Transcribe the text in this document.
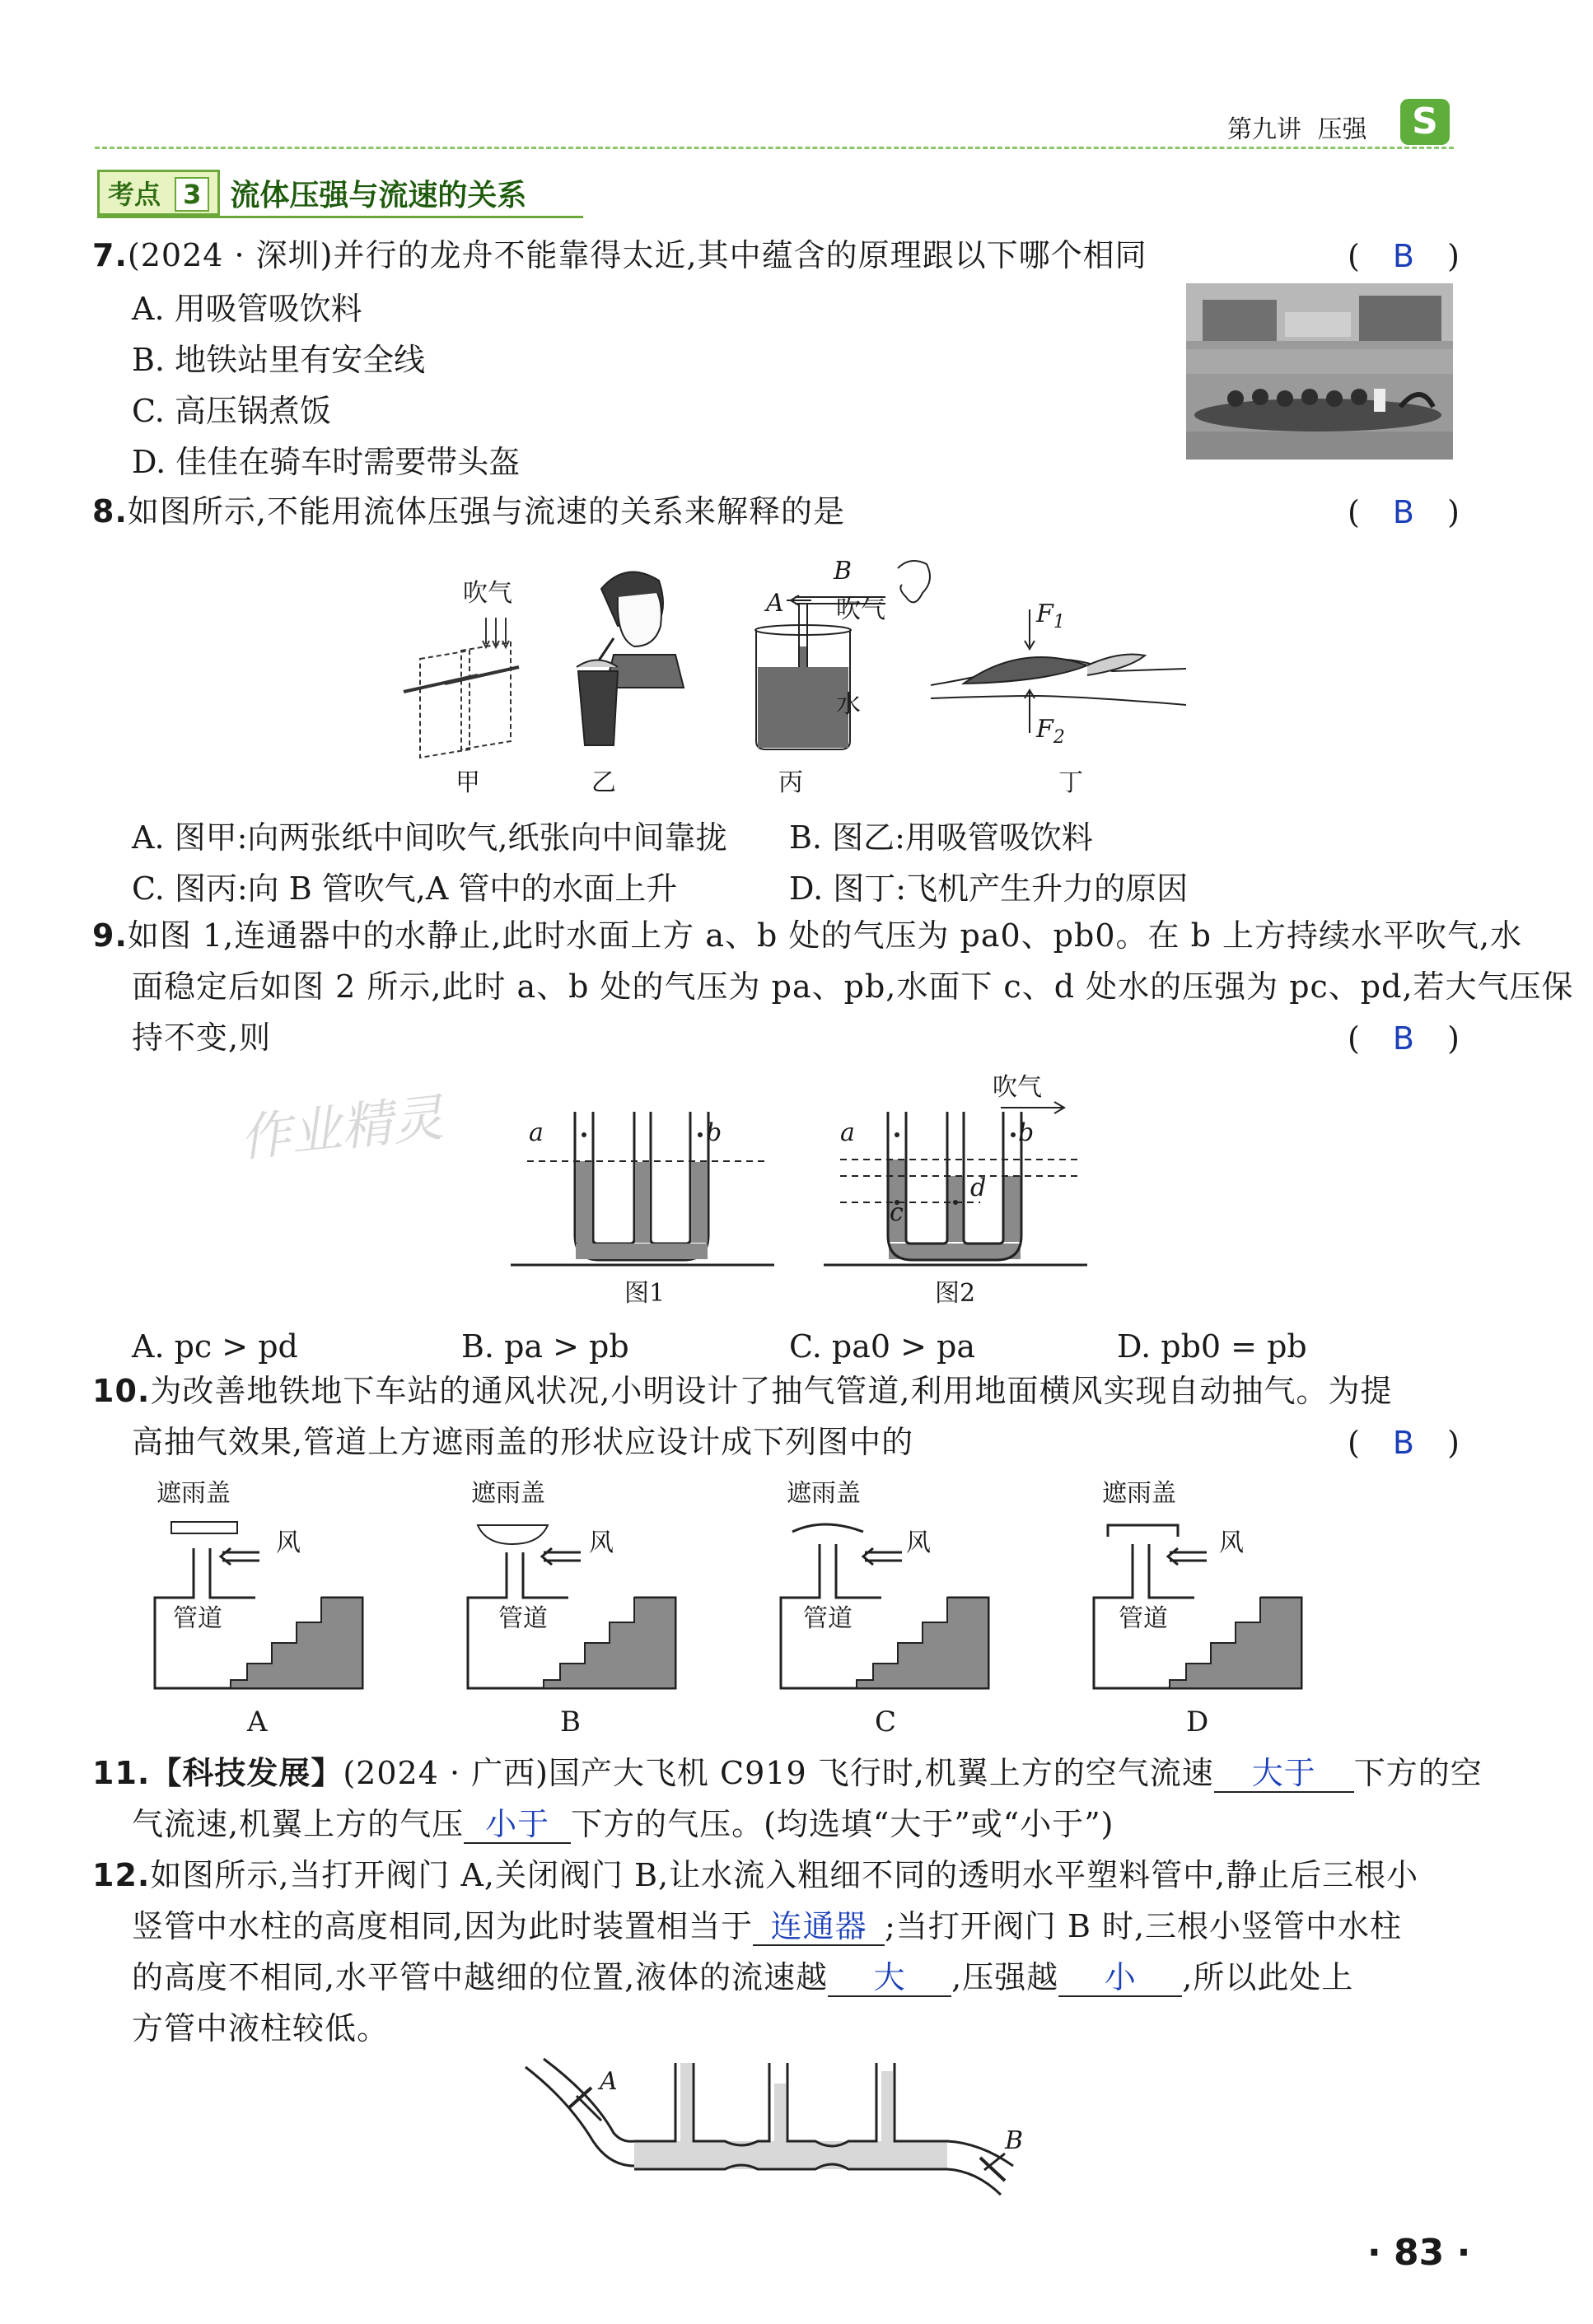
第九讲 压强	S
考点 3 流体压强与流速的关系
7.(2024 · 深圳)并行的龙舟不能靠得太近,其中蕴含的原理跟以下哪个相同	( B )
A. 用吸管吸饮料
B. 地铁站里有安全线
C. 高压锅煮饭
D. 佳佳在骑车时需要带头盔
8.如图所示,不能用流体压强与流速的关系来解释的是	( B )
吹气
甲	乙
B
A 吹气
水
丙
$F_1$
$F_2$
丁
A. 图甲:向两张纸中间吹气,纸张向中间靠拢 B. 图乙:用吸管吸饮料
C. 图丙:向 B 管吹气,A 管中的水面上升	D. 图丁:飞机产生升力的原因
9.如图 1,连通器中的水静止,此时水面上方 a、b 处的气压为 pa0、pb0。在 b 上方持续水平吹气,水
面稳定后如图 2 所示,此时 a、b 处的气压为 pa、pb,水面下 c、d 处水的压强为 pc、pd,若大气压保
持不变,则	( B )
作业精灵	a	b
图1
吹气
a	b
c
d
图2
A. pc > pd	B. pa > pb	C. pa0 > pa	D. pb0 = pb
10.为改善地铁地下车站的通风状况,小明设计了抽气管道,利用地面横风实现自动抽气。为提
高抽气效果,管道上方遮雨盖的形状应设计成下列图中的	( B )
遮雨盖
风
管道
A
遮雨盖
风
管道
B
遮雨盖
风
管道
C
遮雨盖
风
管道
D
11.【科技发展】(2024 · 广西)国产大飞机 C919 飞行时,机翼上方的空气流速 大于 下方的空
气流速,机翼上方的气压 小于 下方的气压。(均选填“大于”或“小于”)
12.如图所示,当打开阀门 A,关闭阀门 B,让水流入粗细不同的透明水平塑料管中,静止后三根小
竖管中水柱的高度相同,因为此时装置相当于 连通器 ;当打开阀门 B 时,三根小竖管中水柱
的高度不相同,水平管中越细的位置,液体的流速越 大 ,压强越 小 ,所以此处上
方管中液柱较低。
A
B
· 83 ·
